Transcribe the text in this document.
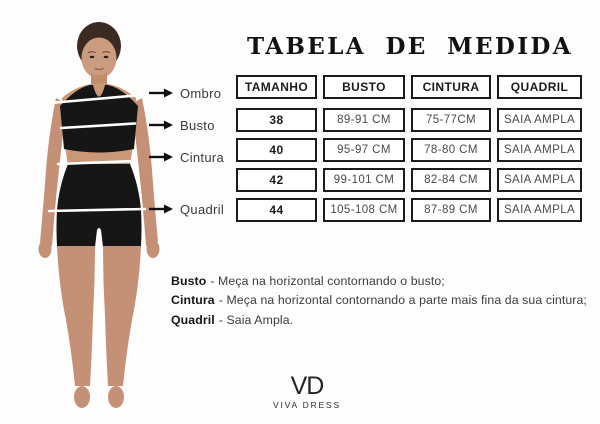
Ombro
Busto
Cintura
Quadril
TABELA DE MEDIDA
TAMANHO	BUSTO	CINTURA	QUADRIL
38	89-91 CM	75-77CM	SAIA AMPLA
40	95-97 CM	78-80 CM	SAIA AMPLA
42	99-101 CM	82-84 CM	SAIA AMPLA
44	105-108 CM	87-89 CM	SAIA AMPLA
Busto - Meça na horizontal contornando o busto;
Cintura - Meça na horizontal contornando a parte mais fina da sua cintura;
Quadril - Saia Ampla.
VD
VIVA DRESS
